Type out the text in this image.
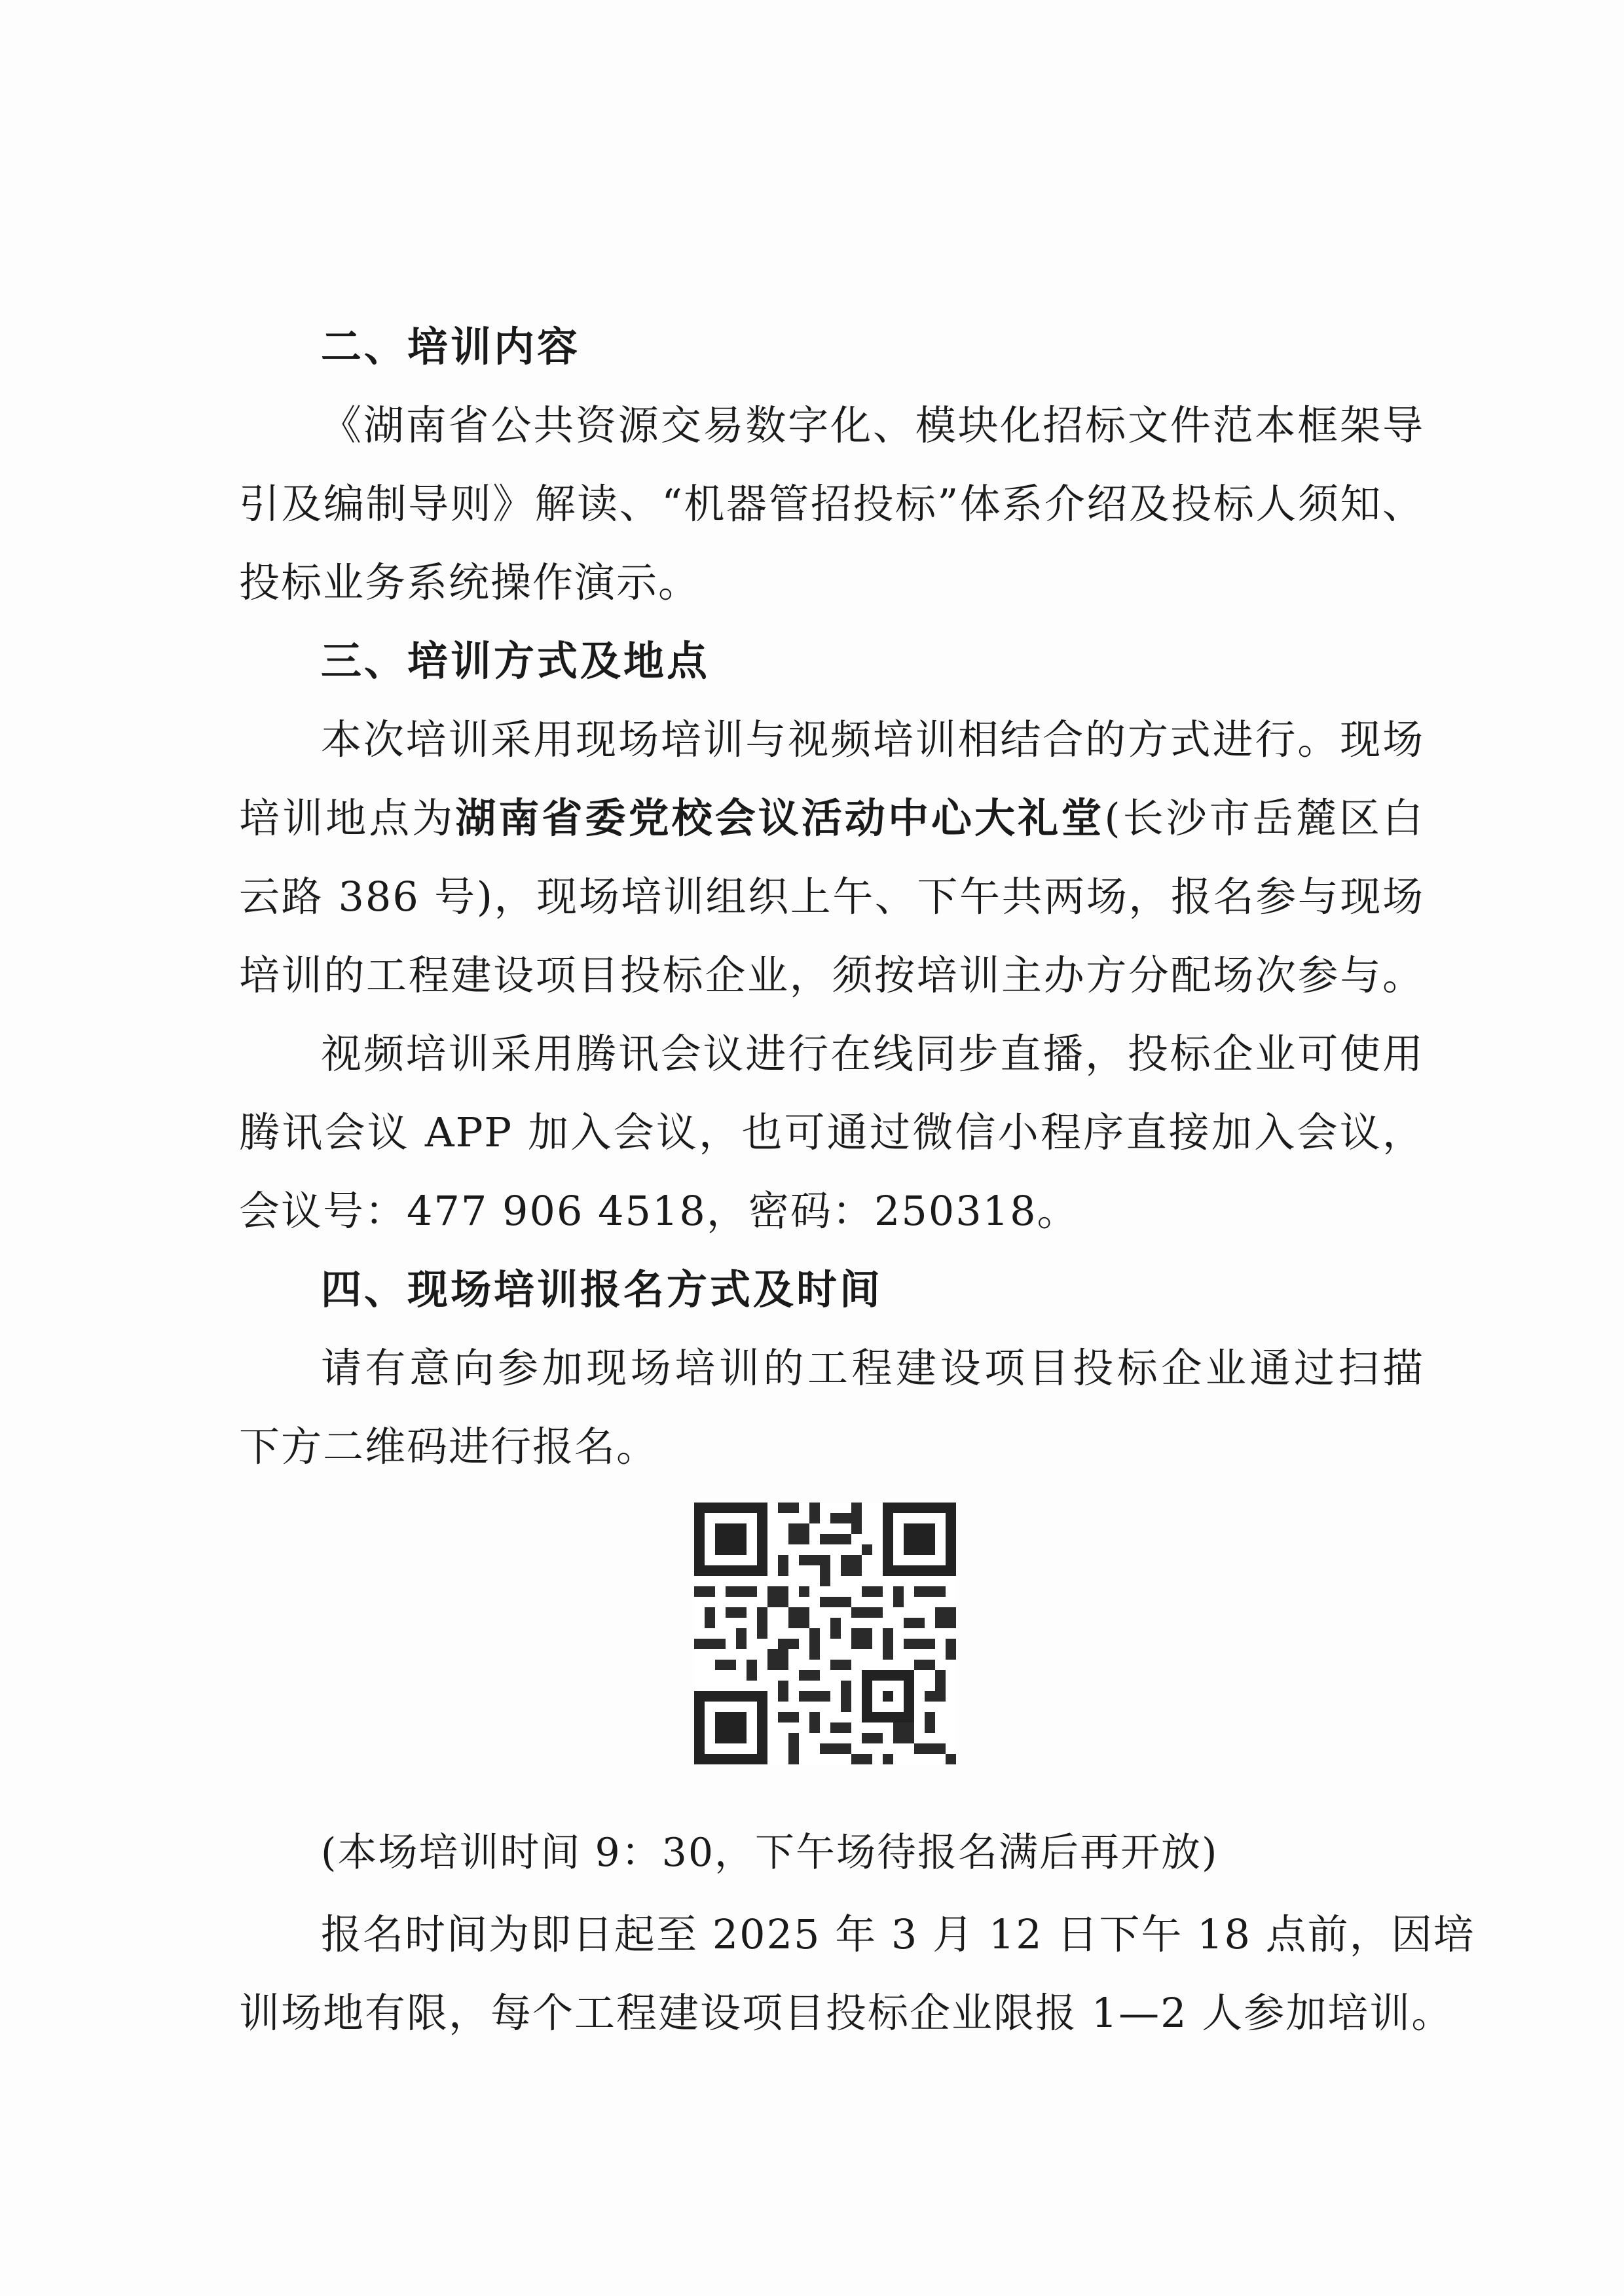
二、培训内容
《湖南省公共资源交易数字化、模块化招标文件范本框架导
引及编制导则》解读、“机器管招投标”体系介绍及投标人须知、
投标业务系统操作演示。
三、培训方式及地点
本次培训采用现场培训与视频培训相结合的方式进行。现场
培训地点为湖南省委党校会议活动中心大礼堂(长沙市岳麓区白
云路 386 号)，现场培训组织上午、下午共两场，报名参与现场
培训的工程建设项目投标企业，须按培训主办方分配场次参与。
视频培训采用腾讯会议进行在线同步直播，投标企业可使用
腾讯会议 APP 加入会议，也可通过微信小程序直接加入会议，
会议号：477 906 4518，密码：250318。
四、现场培训报名方式及时间
请有意向参加现场培训的工程建设项目投标企业通过扫描
下方二维码进行报名。
(本场培训时间 9：30，下午场待报名满后再开放)
报名时间为即日起至 2025 年 3 月 12 日下午 18 点前，因培
训场地有限，每个工程建设项目投标企业限报 1—2 人参加培训。
